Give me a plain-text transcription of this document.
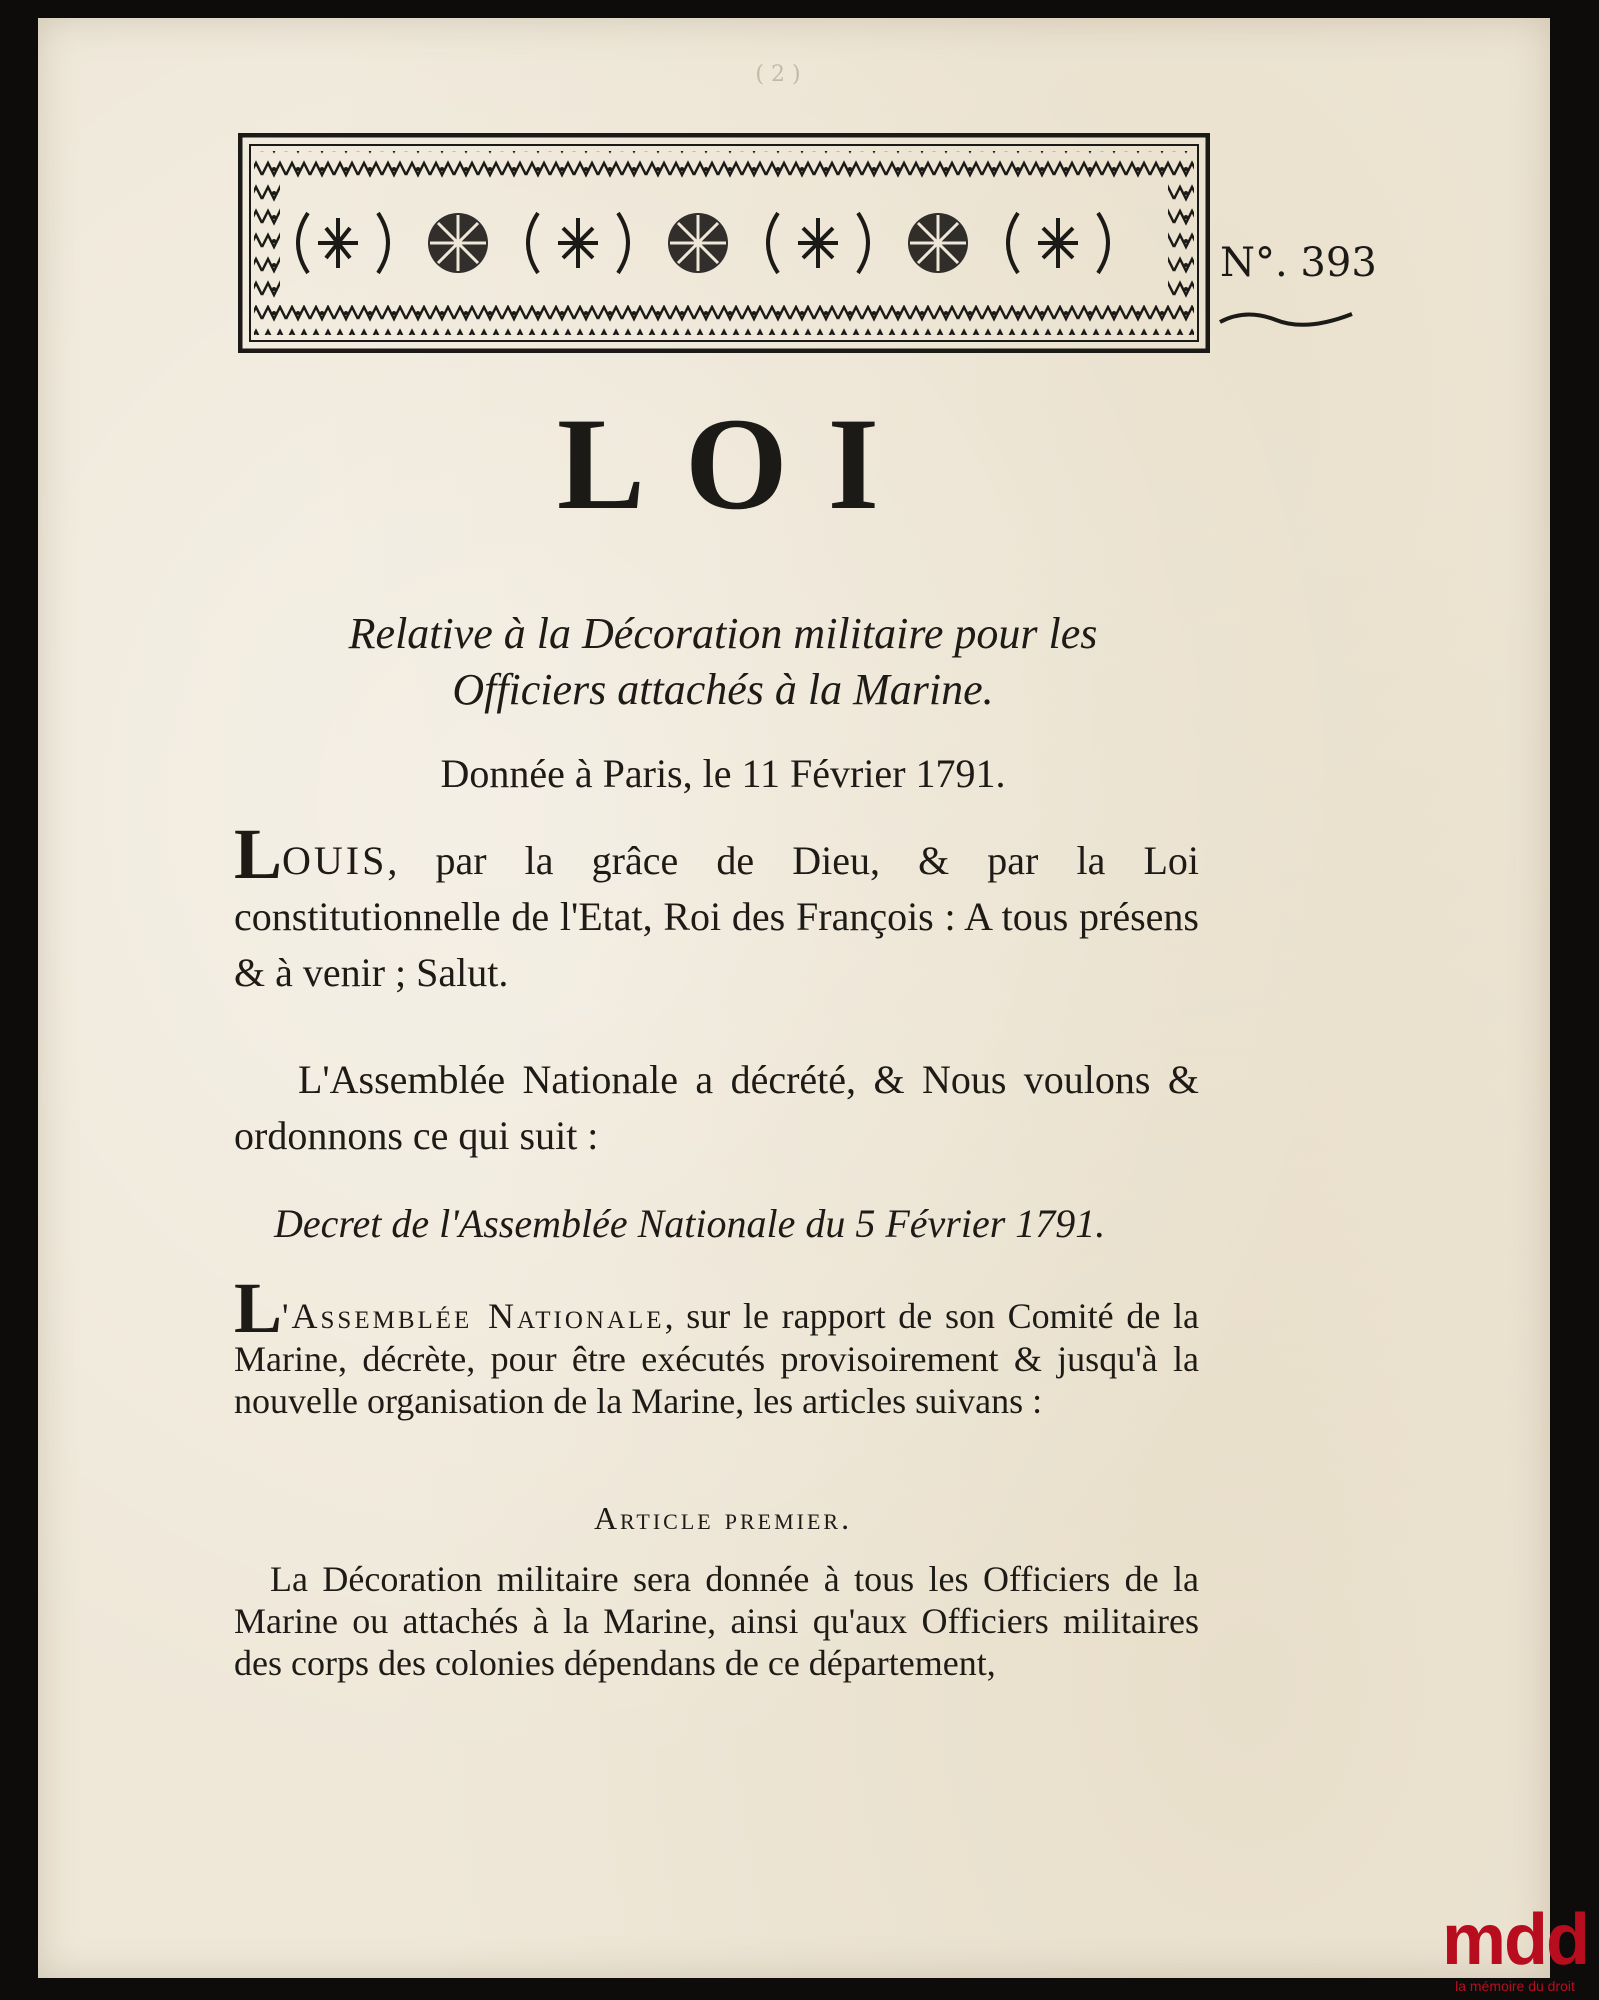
( 2 )
N°. 393
LOI
Relative à la Décoration militaire pour les
Officiers attachés à la Marine.
Donnée à Paris, le 11 Février 1791.
LOUIS, par la grâce de Dieu, & par la Loi constitutionnelle de l'Etat, Roi des François : A tous présens & à venir ; Salut.
L'Assemblée Nationale a décrété, & Nous voulons & ordonnons ce qui suit :
Decret de l'Assemblée Nationale du 5 Février 1791.
L'Assemblée Nationale, sur le rapport de son Comité de la Marine, décrète, pour être exécutés provisoirement & jusqu'à la nouvelle organisation de la Marine, les articles suivans :
Article premier.
La Décoration militaire sera donnée à tous les Officiers de la Marine ou attachés à la Marine, ainsi qu'aux Officiers militaires des corps des colonies dépendans de ce département,
mdd
la mémoire du droit
